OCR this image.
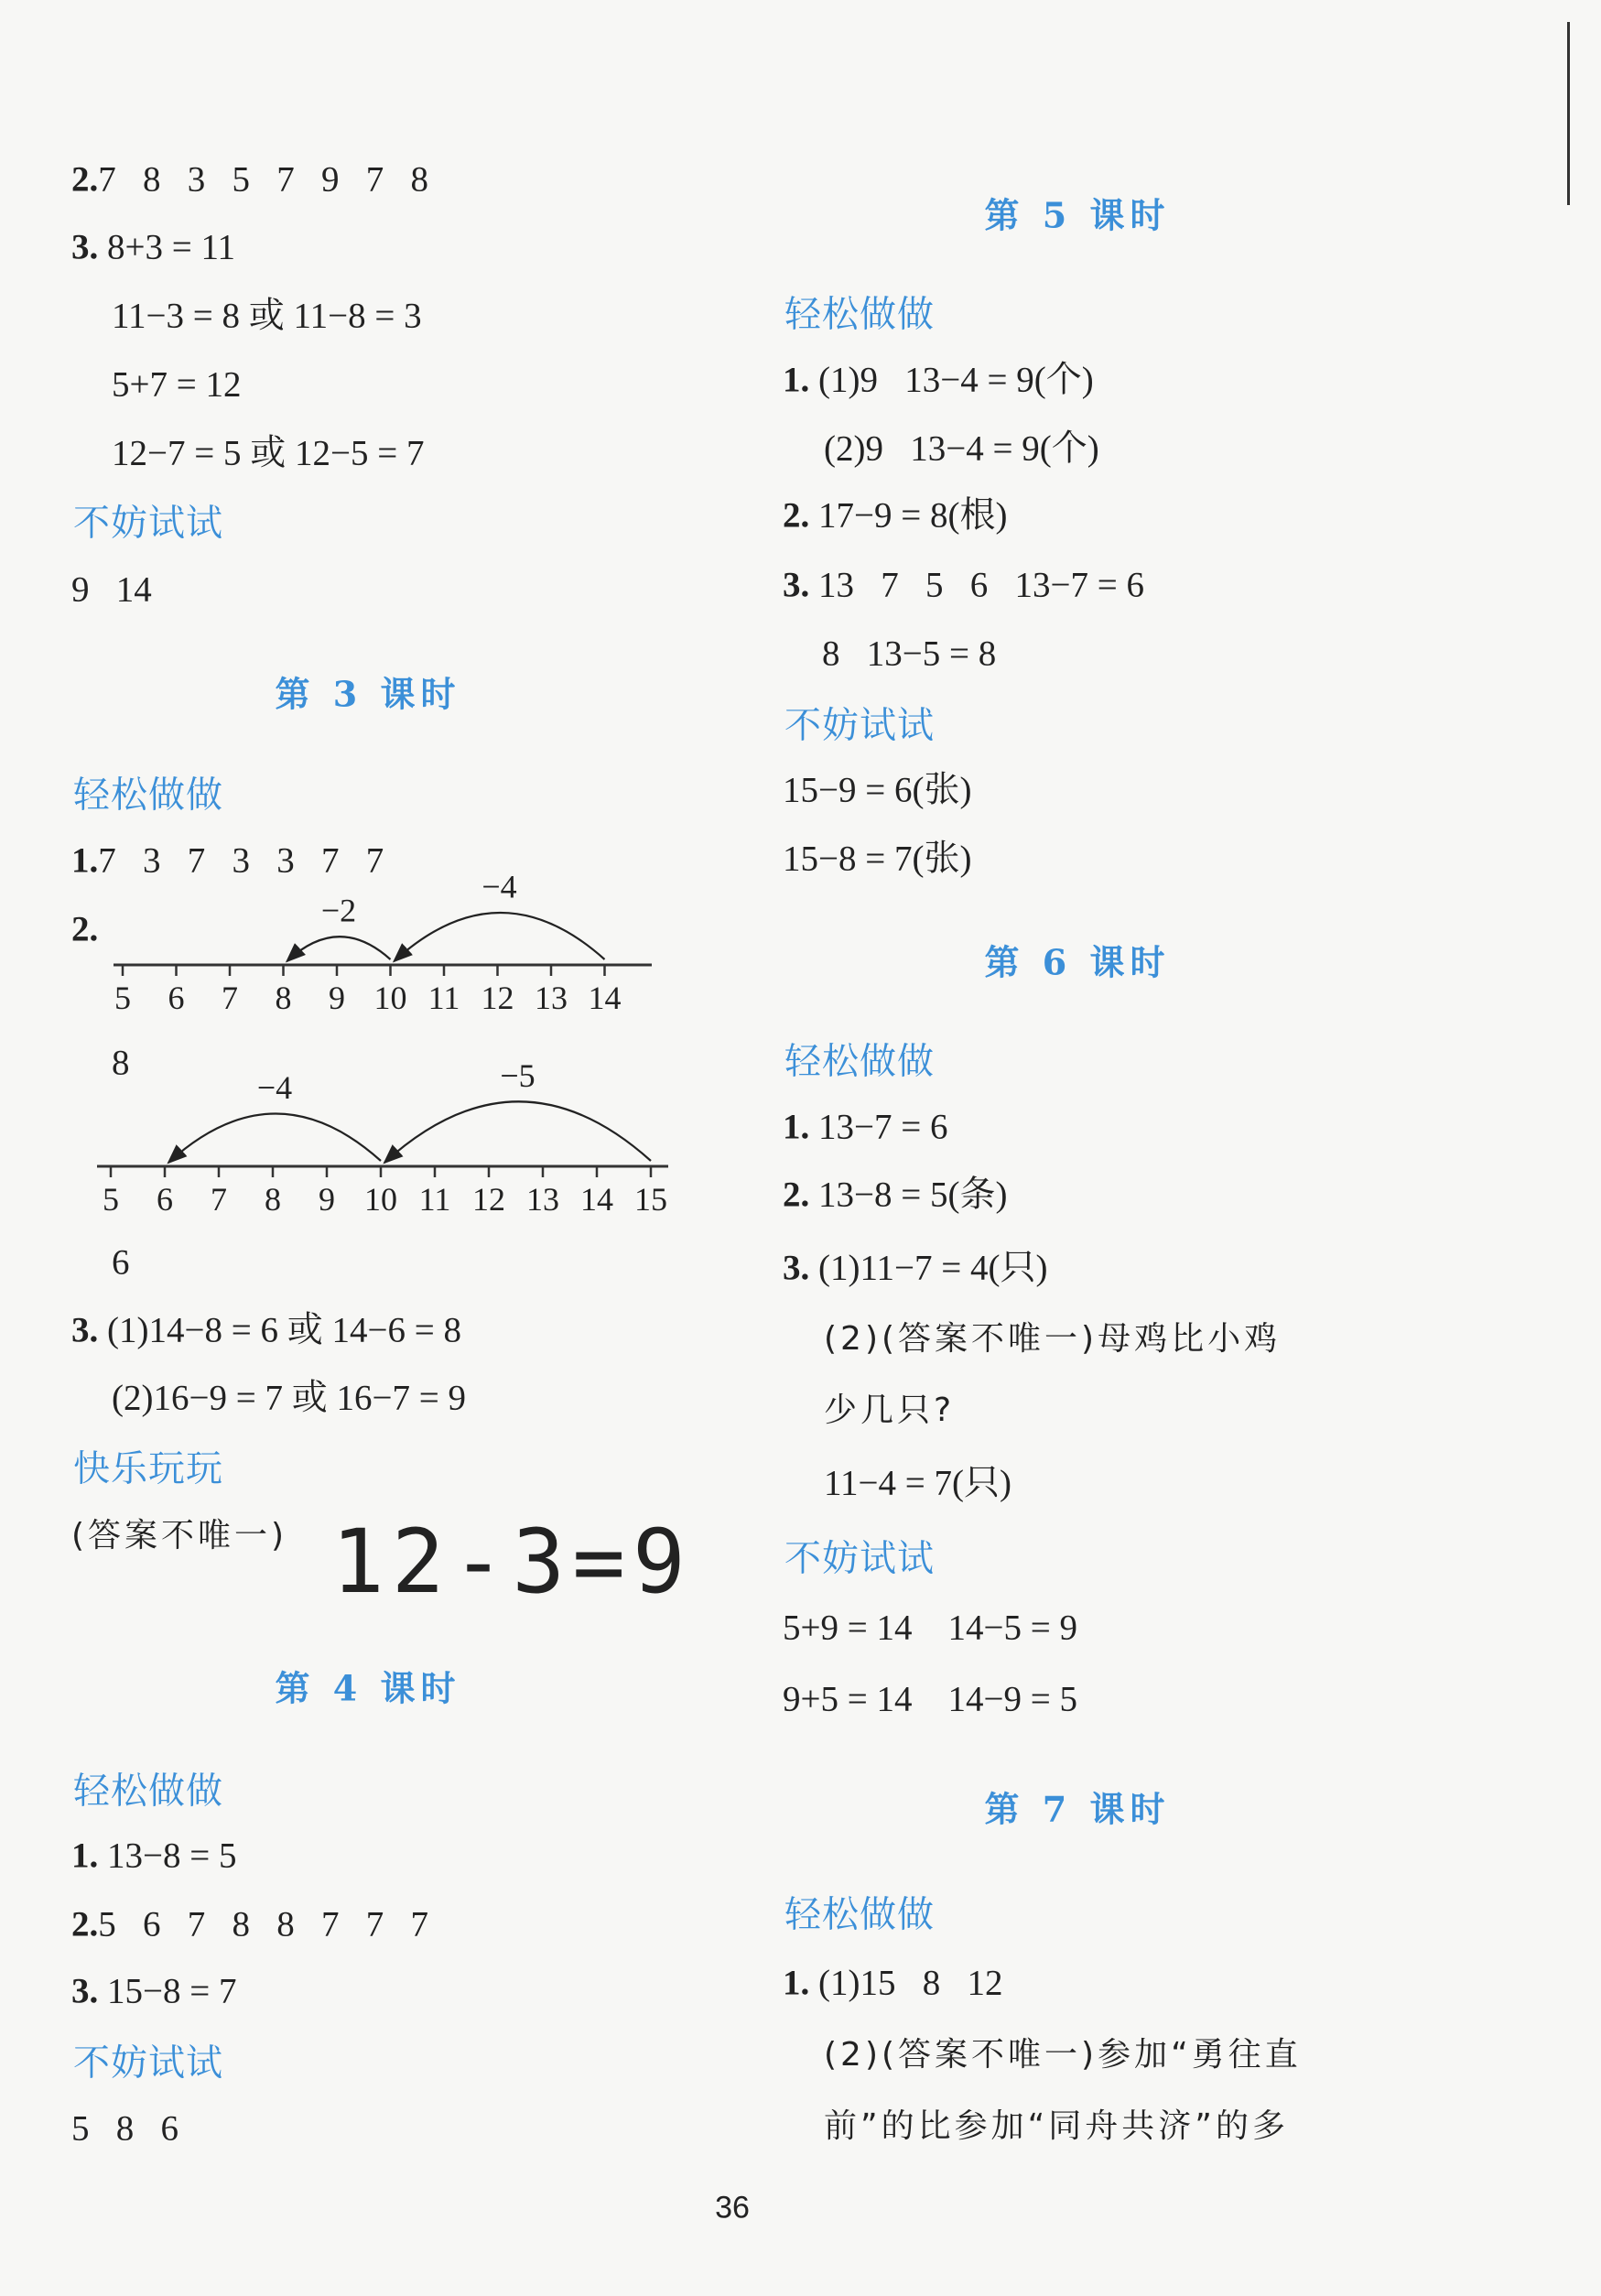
2.7   8   3   5   7   9   7   8
3. 8+3 = 11
11−3 = 8 或 11−8 = 3
5+7 = 12
12−7 = 5 或 12−5 = 7
不妨试试
9   14
第 3 课时
轻松做做
1.7   3   7   3   3   7   7
2.
5 6 7 8 9 10 11 12 13 14
−4
−2
5 6 7 8 9 10 11 12 13 14 15
−5
−4
8
6
3. (1)14−8 = 6 或 14−6 = 8
(2)16−9 = 7 或 16−7 = 9
快乐玩玩
(答案不唯一) 12-3=9
第 4 课时
轻松做做
1. 13−8 = 5
2.5   6   7   8   8   7   7   7
3. 15−8 = 7
不妨试试
5   8   6
第 5 课时
轻松做做
1. (1)9   13−4 = 9(个)
(2)9   13−4 = 9(个)
2. 17−9 = 8(根)
3. 13   7   5   6   13−7 = 6
8   13−5 = 8
不妨试试
15−9 = 6(张)
15−8 = 7(张)
第 6 课时
轻松做做
1. 13−7 = 6
2. 13−8 = 5(条)
3. (1)11−7 = 4(只)
(2)(答案不唯一)母鸡比小鸡
少几只?
11−4 = 7(只)
不妨试试
5+9 = 14    14−5 = 9
9+5 = 14    14−9 = 5
第 7 课时
轻松做做
1. (1)15   8   12
(2)(答案不唯一)参加“勇往直
前”的比参加“同舟共济”的多
36
